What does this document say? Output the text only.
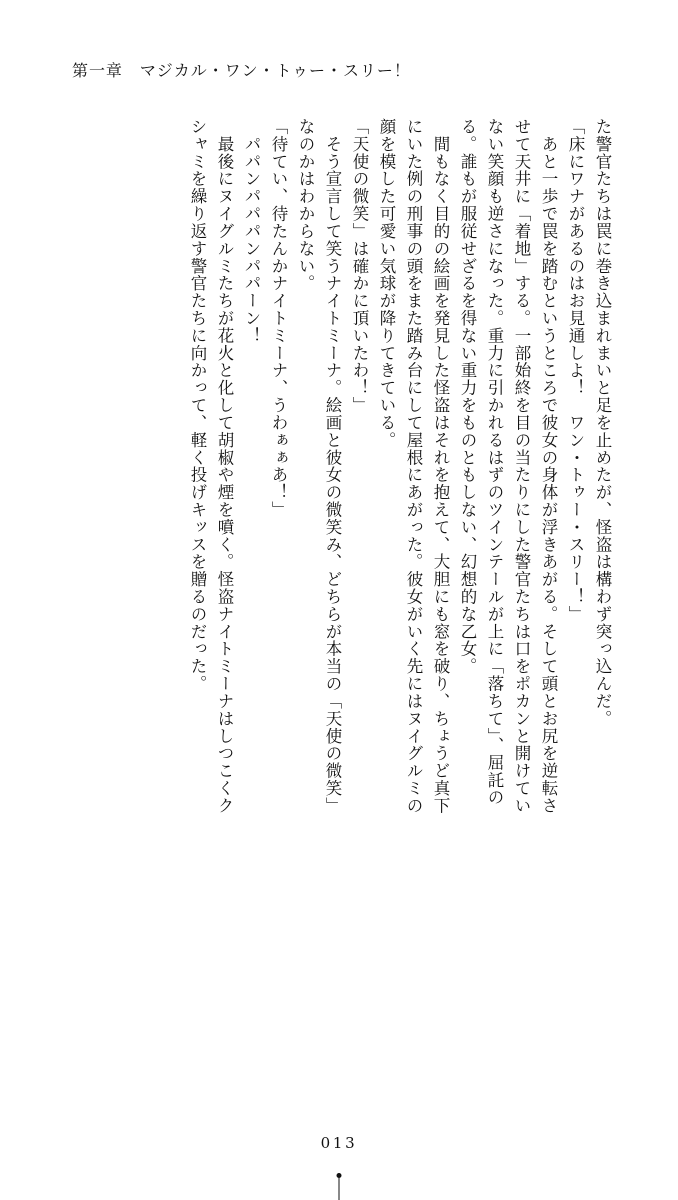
第一章　マジカル・ワン・トゥー・スリー！
た警官たちは罠に巻き込まれまいと足を止めたが、怪盗は構わず突っ込んだ。
「床にワナがあるのはお見通しよ！　ワン・トゥー・スリー！」
　あと一歩で罠を踏むというところで彼女の身体が浮きあがる。そして頭とお尻を逆転さ
せて天井に「着地」する。一部始終を目の当たりにした警官たちは口をポカンと開けてい
ない笑顔も逆さになった。重力に引かれるはずのツインテールが上に「落ちて」、屈託の
る。誰もが服従せざるを得ない重力をものともしない、幻想的な乙女。
　間もなく目的の絵画を発見した怪盗はそれを抱えて、大胆にも窓を破り、ちょうど真下
にいた例の刑事の頭をまた踏み台にして屋根にあがった。彼女がいく先にはヌイグルミの
顔を模した可愛い気球が降りてきている。
「天使の微笑」は確かに頂いたわ！」
　そう宣言して笑うナイトミーナ。絵画と彼女の微笑み、どちらが本当の「天使の微笑」
なのかはわからない。
「待てい、待たんかナイトミーナ、うわぁぁあ！」
　パパンパパパンパパーン！
　最後にヌイグルミたちが花火と化して胡椒や煙を噴く。怪盗ナイトミーナはしつこくク
シャミを繰り返す警官たちに向かって、軽く投げキッスを贈るのだった。
013
